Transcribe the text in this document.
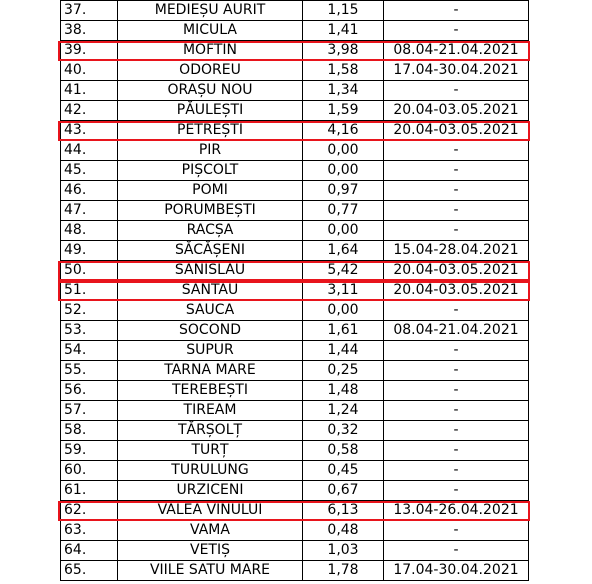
37.	MEDIEȘU AURIT	1,15	-
38.	MICULA	1,41	-
39.	MOFTIN	3,98	08.04-21.04.2021
40.	ODOREU	1,58	17.04-30.04.2021
41.	ORAȘU NOU	1,34	-
42.	PĂULEȘTI	1,59	20.04-03.05.2021
43.	PETREȘTI	4,16	20.04-03.05.2021
44.	PIR	0,00	-
45.	PIȘCOLT	0,00	-
46.	POMI	0,97	-
47.	PORUMBEȘTI	0,77	-
48.	RACȘA	0,00	-
49.	SĂCĂȘENI	1,64	15.04-28.04.2021
50.	SANISLAU	5,42	20.04-03.05.2021
51.	SANTAU	3,11	20.04-03.05.2021
52.	SAUCA	0,00	-
53.	SOCOND	1,61	08.04-21.04.2021
54.	SUPUR	1,44	-
55.	TARNA MARE	0,25	-
56.	TEREBEȘTI	1,48	-
57.	TIREAM	1,24	-
58.	TĂRȘOLȚ	0,32	-
59.	TURȚ	0,58	-
60.	TURULUNG	0,45	-
61.	URZICENI	0,67	-
62.	VALEA VINULUI	6,13	13.04-26.04.2021
63.	VAMA	0,48	-
64.	VETIȘ	1,03	-
65.	VIILE SATU MARE	1,78	17.04-30.04.2021
